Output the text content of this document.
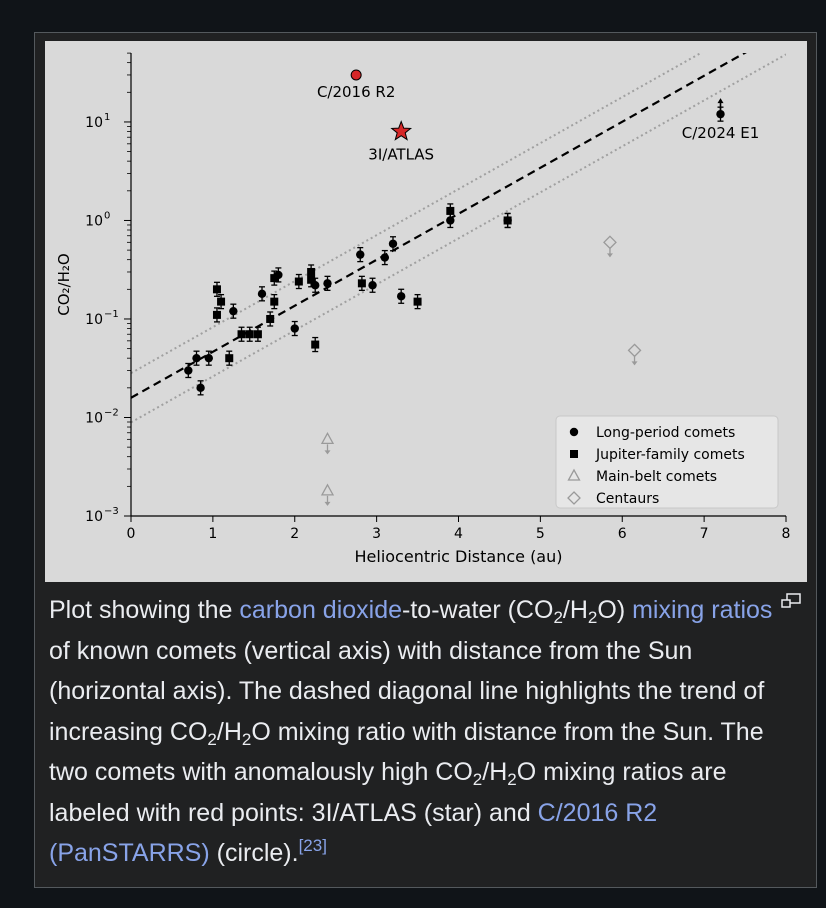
0	1	2	3	4	5	6	7	8
10 1
10 0
10 −1
10 −2
10 −3
C/2016 R2
3I/ATLAS
C/2024 E1
Long-period comets
Jupiter-family comets
Main-belt comets
Centaurs
Heliocentric Distance (au)
CO₂/H₂O
Plot showing the carbon dioxide-to-water $(CO_2/H_2O)$ mixing ratios of known comets (vertical axis) with distance from the Sun (horizontal axis). The dashed diagonal line highlights the trend of increasing $CO_2/H_2O$ mixing ratio with distance from the Sun. The two comets with anomalously high $CO_2/H_2O$ mixing ratios are labeled with red points: 3I/ATLAS (star) and C/2016 R2 (PanSTARRS) (circle).[23]
